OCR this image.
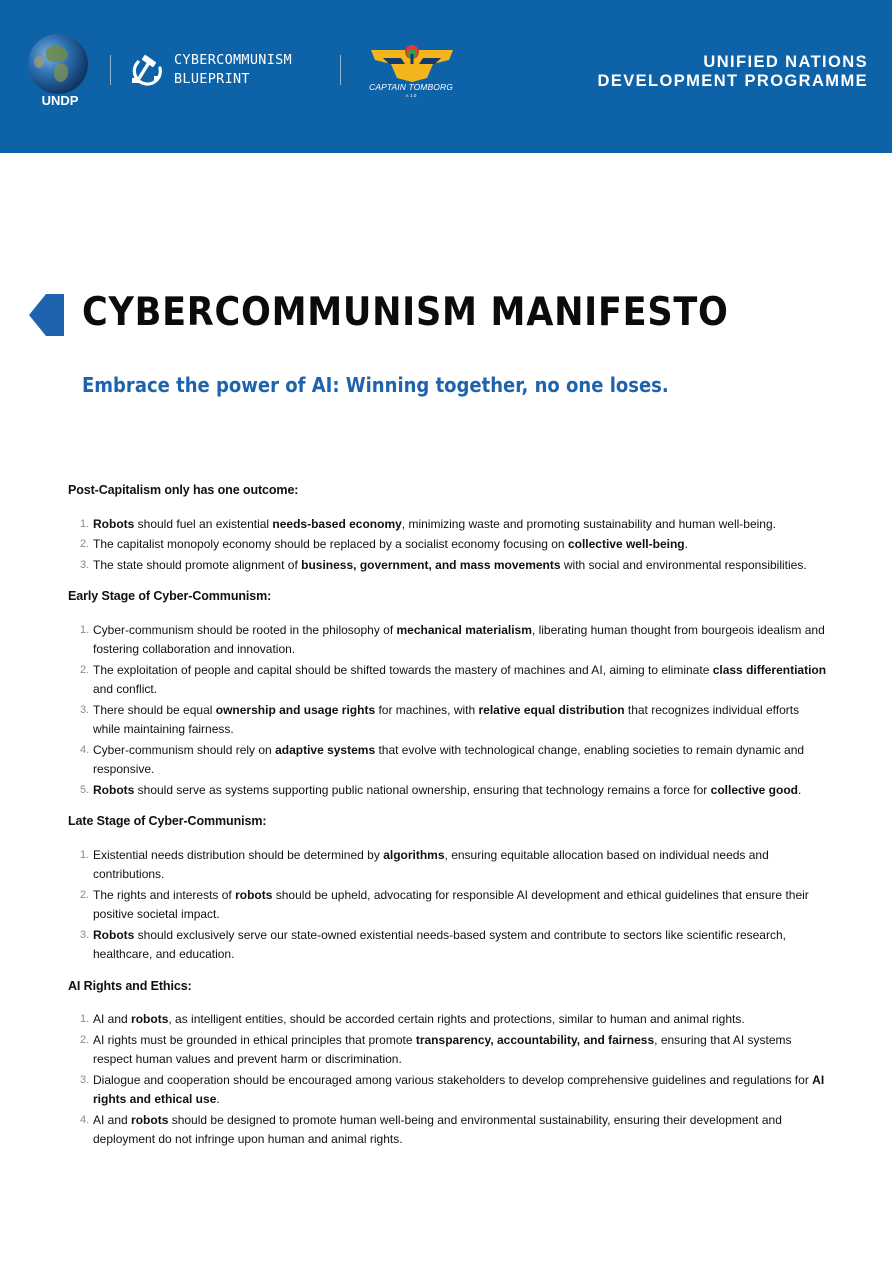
UNDP
CYBERCOMMUNISM
BLUEPRINT	CAPTAIN TOMBORG
v. 1.0
UNIFIED NATIONS
DEVELOPMENT PROGRAMME
CYBERCOMMUNISM MANIFESTO
Embrace the power of AI: Winning together, no one loses.
Post-Capitalism only has one outcome:
1. Robots should fuel an existential needs-based economy, minimizing waste and promoting sustainability and human well-being.
2. The capitalist monopoly economy should be replaced by a socialist economy focusing on collective well-being.
3. The state should promote alignment of business, government, and mass movements with social and environmental responsibilities.
Early Stage of Cyber-Communism:
1. Cyber-communism should be rooted in the philosophy of mechanical materialism, liberating human thought from bourgeois idealism and fostering collaboration and innovation.
2. The exploitation of people and capital should be shifted towards the mastery of machines and AI, aiming to eliminate class differentiation and conflict.
3. There should be equal ownership and usage rights for machines, with relative equal distribution that recognizes individual efforts while maintaining fairness.
4. Cyber-communism should rely on adaptive systems that evolve with technological change, enabling societies to remain dynamic and responsive.
5. Robots should serve as systems supporting public national ownership, ensuring that technology remains a force for collective good.
Late Stage of Cyber-Communism:
1. Existential needs distribution should be determined by algorithms, ensuring equitable allocation based on individual needs and contributions.
2. The rights and interests of robots should be upheld, advocating for responsible AI development and ethical guidelines that ensure their positive societal impact.
3. Robots should exclusively serve our state-owned existential needs-based system and contribute to sectors like scientific research, healthcare, and education.
AI Rights and Ethics:
1. AI and robots, as intelligent entities, should be accorded certain rights and protections, similar to human and animal rights.
2. AI rights must be grounded in ethical principles that promote transparency, accountability, and fairness, ensuring that AI systems respect human values and prevent harm or discrimination.
3. Dialogue and cooperation should be encouraged among various stakeholders to develop comprehensive guidelines and regulations for AI rights and ethical use.
4. AI and robots should be designed to promote human well-being and environmental sustainability, ensuring their development and deployment do not infringe upon human and animal rights.
